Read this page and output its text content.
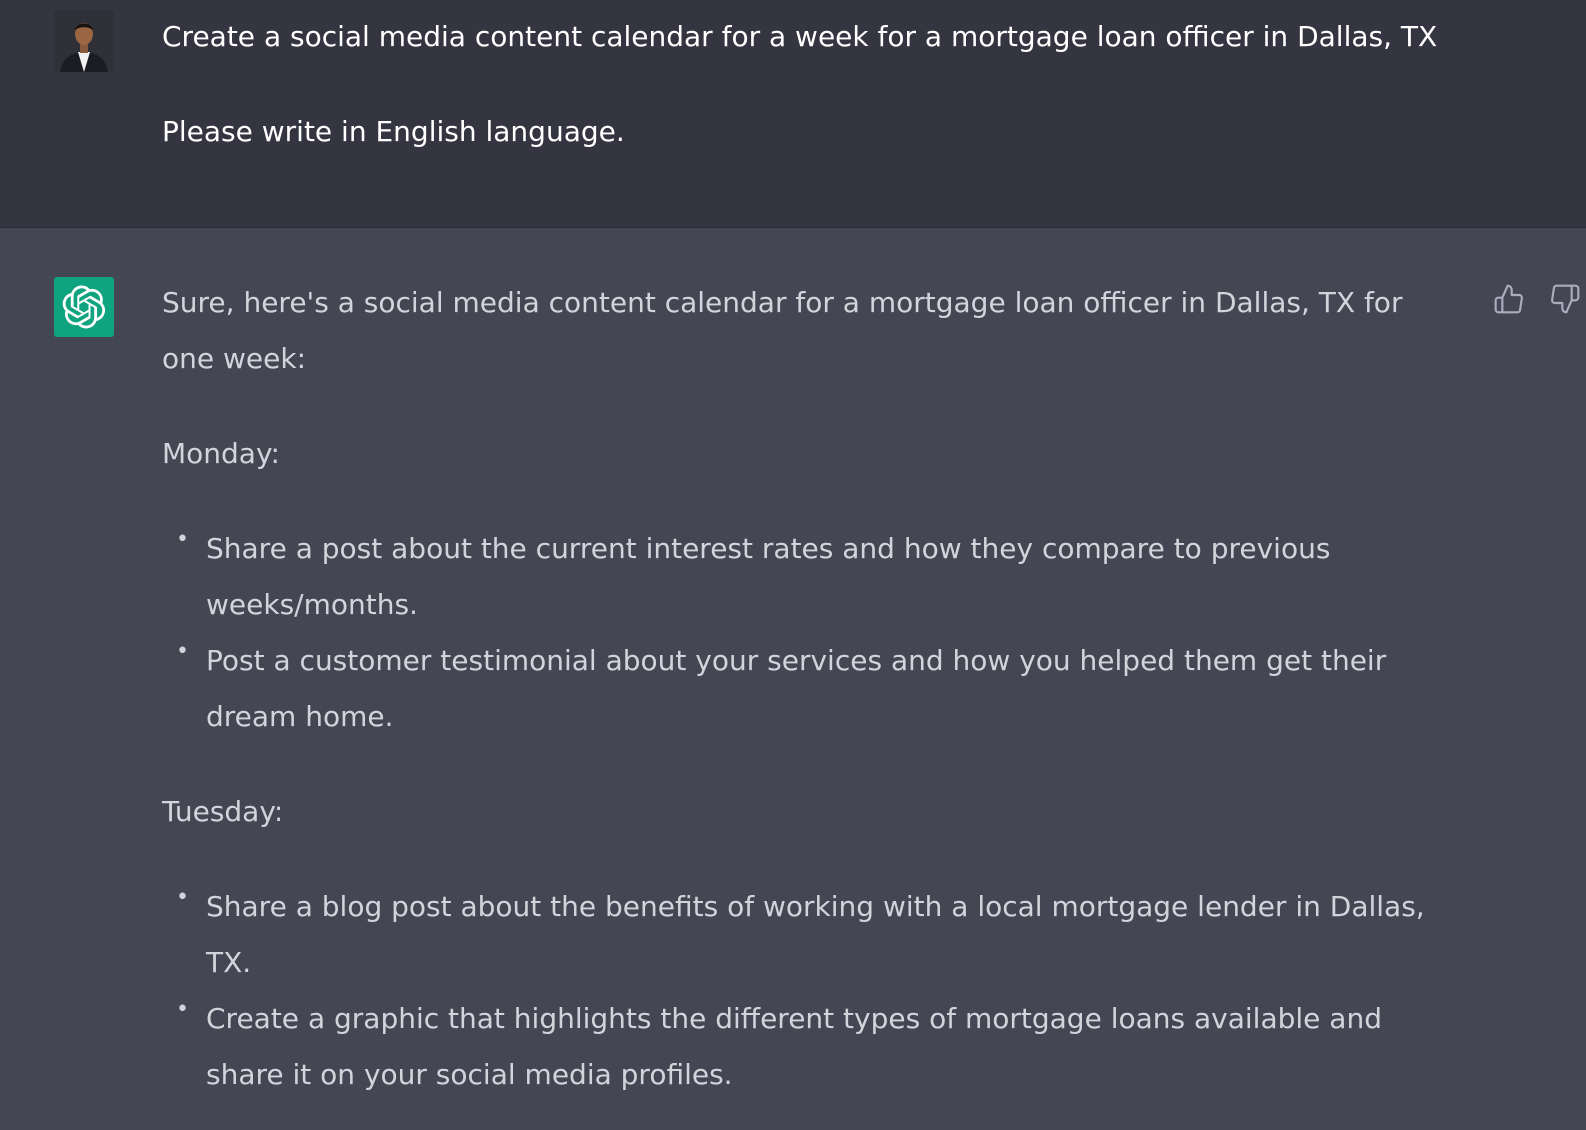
Create a social media content calendar for a week for a mortgage loan officer in Dallas, TX

Please write in English language.

Sure, here's a social media content calendar for a mortgage loan officer in Dallas, TX for one week:

Monday:

• Share a post about the current interest rates and how they compare to previous weeks/months.
• Post a customer testimonial about your services and how you helped them get their dream home.

Tuesday:

• Share a blog post about the benefits of working with a local mortgage lender in Dallas, TX.
• Create a graphic that highlights the different types of mortgage loans available and share it on your social media profiles.
